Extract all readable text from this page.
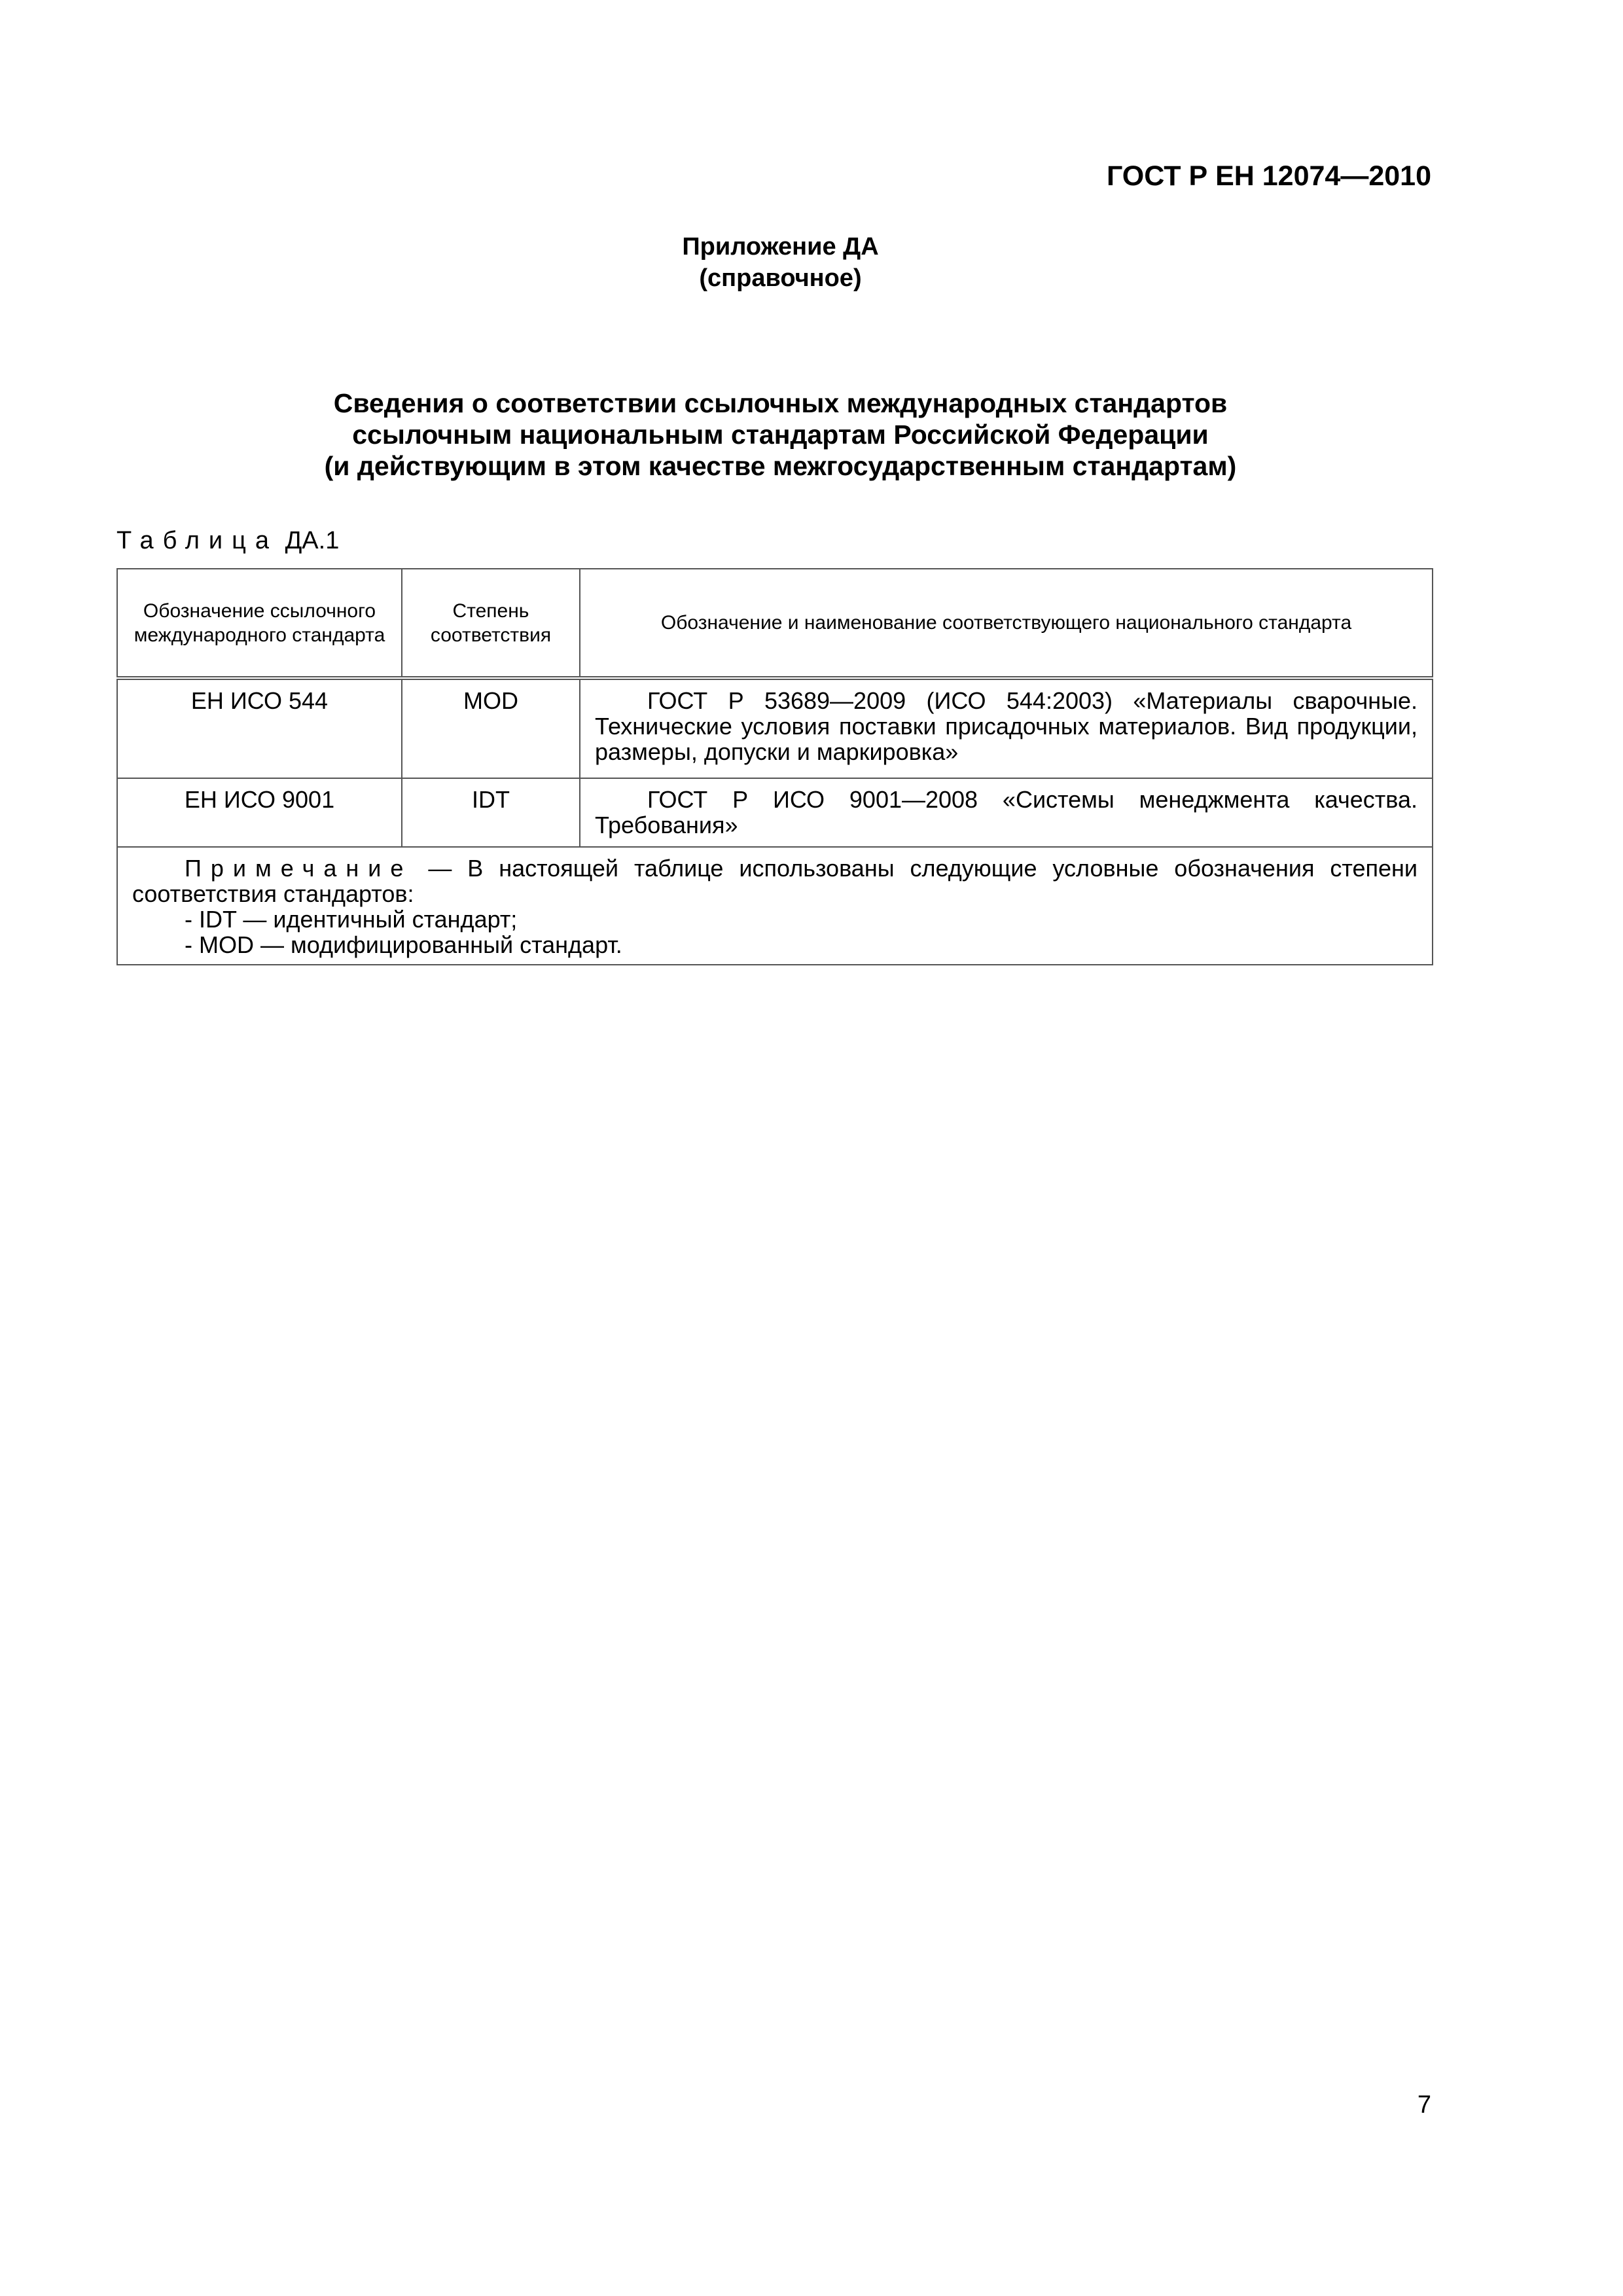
ГОСТ Р ЕН 12074—2010
Приложение ДА
(справочное)
Сведения о соответствии ссылочных международных стандартов
ссылочным национальным стандартам Российской Федерации
(и действующим в этом качестве межгосударственным стандартам)
Таблица ДА.1
Обозначение ссылочного международного стандарта	Степень соответствия	Обозначение и наименование соответствующего национального стандарта
ЕН ИСО 544	MOD	ГОСТ Р 53689—2009 (ИСО 544:2003) «Материалы сварочные. Технические условия поставки присадочных материалов. Вид продукции, размеры, допуски и маркировка»
ЕН ИСО 9001	IDT	ГОСТ Р ИСО 9001—2008 «Системы менеджмента качества. Требования»

Примечание — В настоящей таблице использованы следующие условные обозначения степени соответствия стандартов:
- IDT — идентичный стандарт;
- MOD — модифицированный стандарт.		
7
